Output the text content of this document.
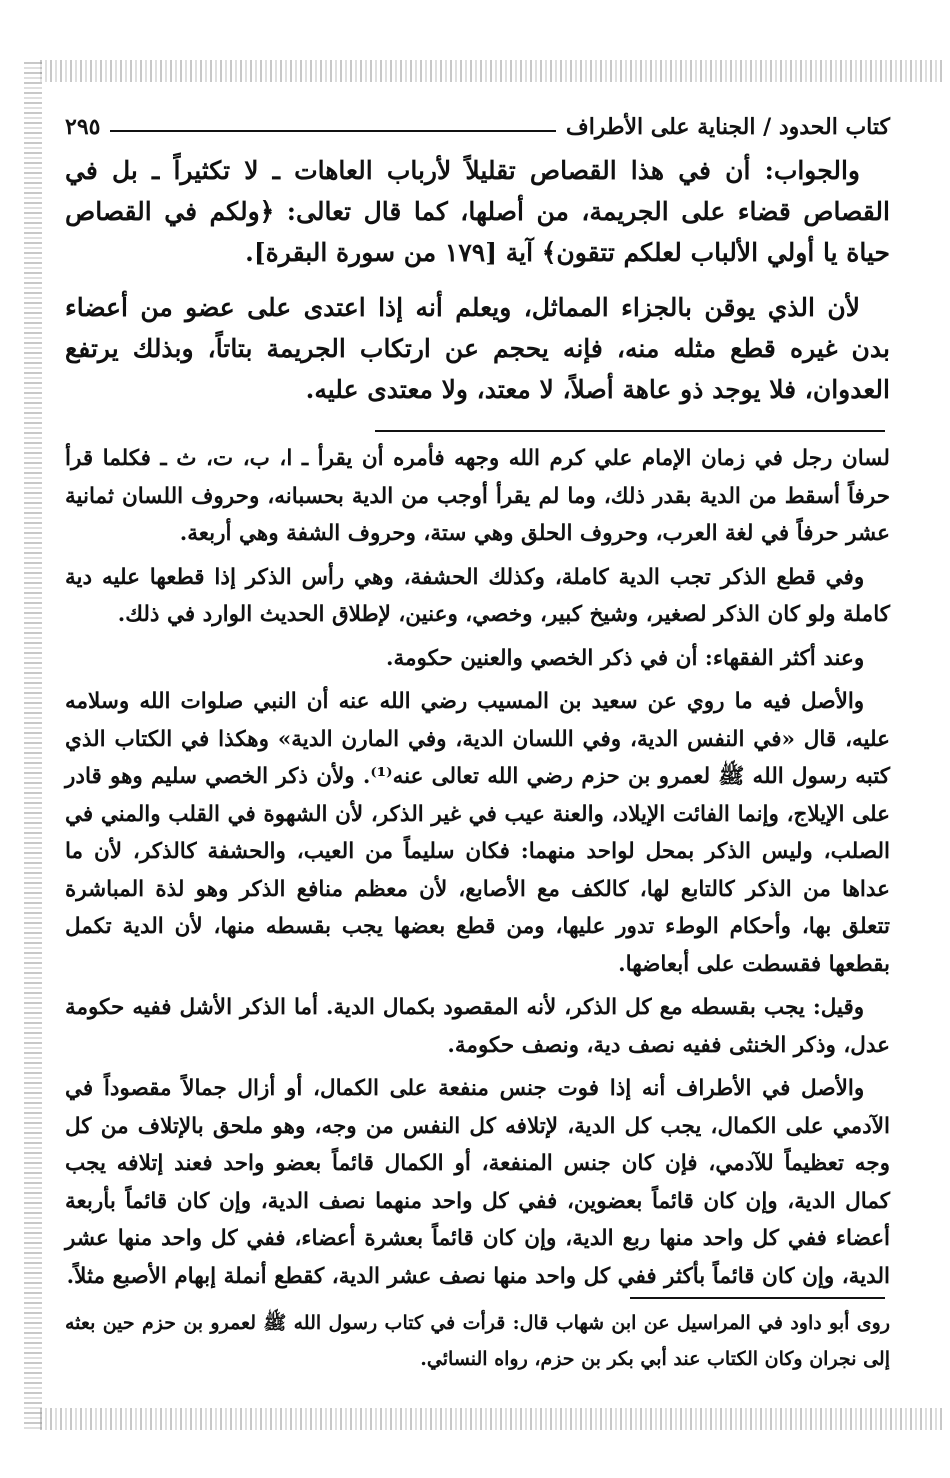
كتاب الحدود / الجناية على الأطراف
٢٩٥

والجواب: أن في هذا القصاص تقليلاً لأرباب العاهات ـ لا تكثيراً ـ بل في القصاص قضاء على الجريمة، من أصلها، كما قال تعالى: ﴿ولكم في القصاص حياة يا أولي الألباب لعلكم تتقون﴾ آية [١٧٩ من سورة البقرة].

لأن الذي يوقن بالجزاء المماثل، ويعلم أنه إذا اعتدى على عضو من أعضاء بدن غيره قطع مثله منه، فإنه يحجم عن ارتكاب الجريمة بتاتاً، وبذلك يرتفع العدوان، فلا يوجد ذو عاهة أصلاً، لا معتد، ولا معتدى عليه.

لسان رجل في زمان الإمام علي كرم الله وجهه فأمره أن يقرأ ـ ا، ب، ت، ث ـ فكلما قرأ حرفاً أسقط من الدية بقدر ذلك، وما لم يقرأ أوجب من الدية بحسبانه، وحروف اللسان ثمانية عشر حرفاً في لغة العرب، وحروف الحلق وهي ستة، وحروف الشفة وهي أربعة.

وفي قطع الذكر تجب الدية كاملة، وكذلك الحشفة، وهي رأس الذكر إذا قطعها عليه دية كاملة ولو كان الذكر لصغير، وشيخ كبير، وخصي، وعنين، لإطلاق الحديث الوارد في ذلك.

وعند أكثر الفقهاء: أن في ذكر الخصي والعنين حكومة.

والأصل فيه ما روي عن سعيد بن المسيب رضي الله عنه أن النبي صلوات الله وسلامه عليه، قال «في النفس الدية، وفي اللسان الدية، وفي المارن الدية» وهكذا في الكتاب الذي كتبه رسول الله ﷺ لعمرو بن حزم رضي الله تعالى عنه⁽¹⁾. ولأن ذكر الخصي سليم وهو قادر على الإيلاج، وإنما الفائت الإيلاد، والعنة عيب في غير الذكر، لأن الشهوة في القلب والمني في الصلب، وليس الذكر بمحل لواحد منهما: فكان سليماً من العيب، والحشفة كالذكر، لأن ما عداها من الذكر كالتابع لها، كالكف مع الأصابع، لأن معظم منافع الذكر وهو لذة المباشرة تتعلق بها، وأحكام الوطء تدور عليها، ومن قطع بعضها يجب بقسطه منها، لأن الدية تكمل بقطعها فقسطت على أبعاضها.

وقيل: يجب بقسطه مع كل الذكر، لأنه المقصود بكمال الدية. أما الذكر الأشل ففيه حكومة عدل، وذكر الخنثى ففيه نصف دية، ونصف حكومة.

والأصل في الأطراف أنه إذا فوت جنس منفعة على الكمال، أو أزال جمالاً مقصوداً في الآدمي على الكمال، يجب كل الدية، لإتلافه كل النفس من وجه، وهو ملحق بالإتلاف من كل وجه تعظيماً للآدمي، فإن كان جنس المنفعة، أو الكمال قائماً بعضو واحد فعند إتلافه يجب كمال الدية، وإن كان قائماً بعضوين، ففي كل واحد منهما نصف الدية، وإن كان قائماً بأربعة أعضاء ففي كل واحد منها ربع الدية، وإن كان قائماً بعشرة أعضاء، ففي كل واحد منها عشر الدية، وإن كان قائماً بأكثر ففي كل واحد منها نصف عشر الدية، كقطع أنملة إبهام الأصبع مثلاً.

روى أبو داود في المراسيل عن ابن شهاب قال: قرأت في كتاب رسول الله ﷺ لعمرو بن حزم حين بعثه إلى نجران وكان الكتاب عند أبي بكر بن حزم، رواه النسائي.
